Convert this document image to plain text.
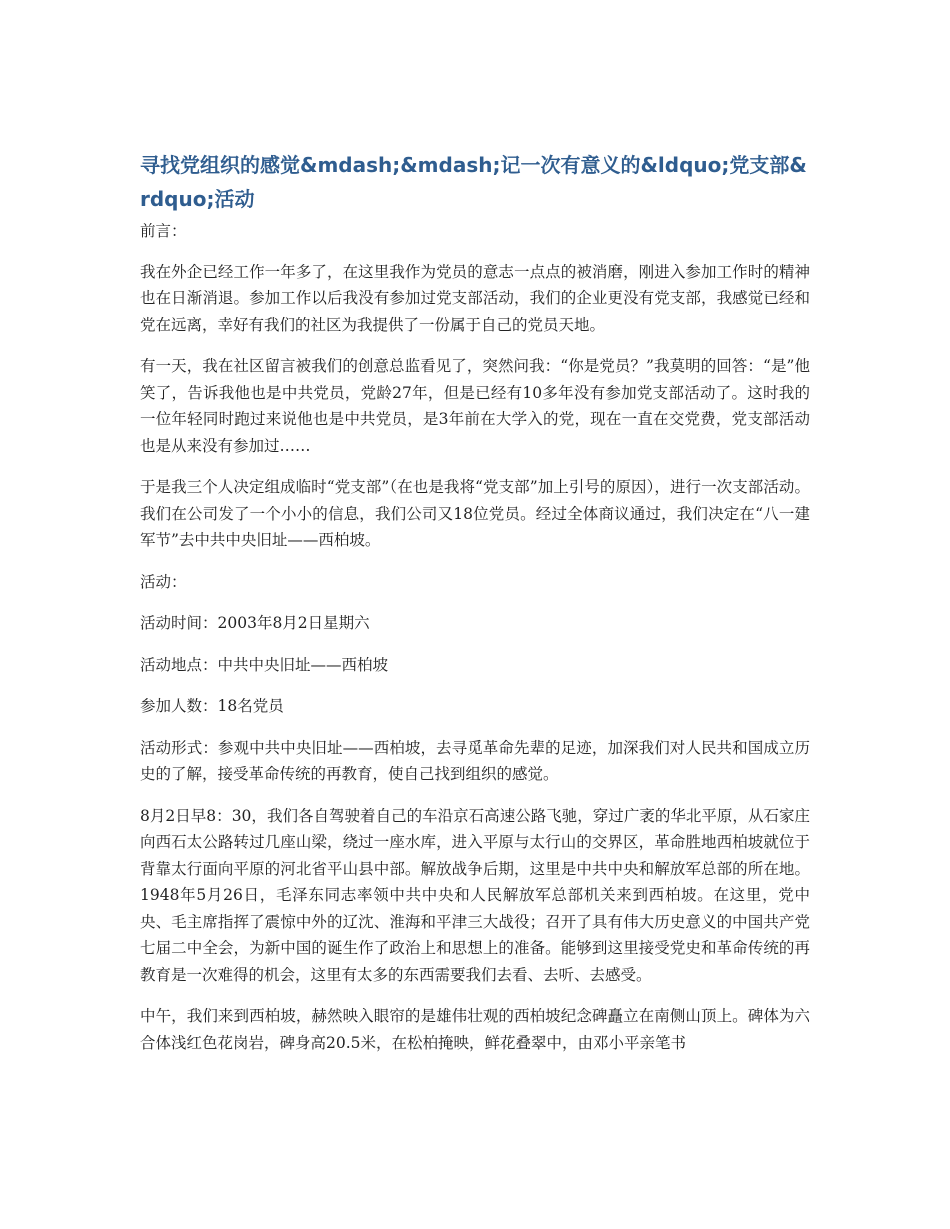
寻找党组织的感觉&mdash;&mdash;记一次有意义的&ldquo;党支部&rdquo;活动

前言：

我在外企已经工作一年多了，在这里我作为党员的意志一点点的被消磨，刚进入参加工作时的精神也在日渐消退。参加工作以后我没有参加过党支部活动，我们的企业更没有党支部，我感觉已经和党在远离，幸好有我们的社区为我提供了一份属于自己的党员天地。

有一天，我在社区留言被我们的创意总监看见了，突然问我：“你是党员？”我莫明的回答：“是”他笑了，告诉我他也是中共党员，党龄27年，但是已经有10多年没有参加党支部活动了。这时我的一位年轻同时跑过来说他也是中共党员，是3年前在大学入的党，现在一直在交党费，党支部活动也是从来没有参加过……

于是我三个人决定组成临时“党支部”（在也是我将“党支部”加上引号的原因），进行一次支部活动。我们在公司发了一个小小的信息，我们公司又18位党员。经过全体商议通过，我们决定在“八一建军节”去中共中央旧址——西柏坡。

活动：

活动时间：2003年8月2日星期六

活动地点：中共中央旧址——西柏坡

参加人数：18名党员

活动形式：参观中共中央旧址——西柏坡，去寻觅革命先辈的足迹，加深我们对人民共和国成立历史的了解，接受革命传统的再教育，使自己找到组织的感觉。

8月2日早8：30，我们各自驾驶着自己的车沿京石高速公路飞驰，穿过广袤的华北平原，从石家庄向西石太公路转过几座山梁，绕过一座水库，进入平原与太行山的交界区，革命胜地西柏坡就位于背靠太行面向平原的河北省平山县中部。解放战争后期，这里是中共中央和解放军总部的所在地。1948年5月26日，毛泽东同志率领中共中央和人民解放军总部机关来到西柏坡。在这里，党中央、毛主席指挥了震惊中外的辽沈、淮海和平津三大战役；召开了具有伟大历史意义的中国共产党七届二中全会，为新中国的诞生作了政治上和思想上的准备。能够到这里接受党史和革命传统的再教育是一次难得的机会，这里有太多的东西需要我们去看、去听、去感受。

中午，我们来到西柏坡，赫然映入眼帘的是雄伟壮观的西柏坡纪念碑矗立在南侧山顶上。碑体为六合体浅红色花岗岩，碑身高20.5米，在松柏掩映，鲜花叠翠中，由邓小平亲笔书
